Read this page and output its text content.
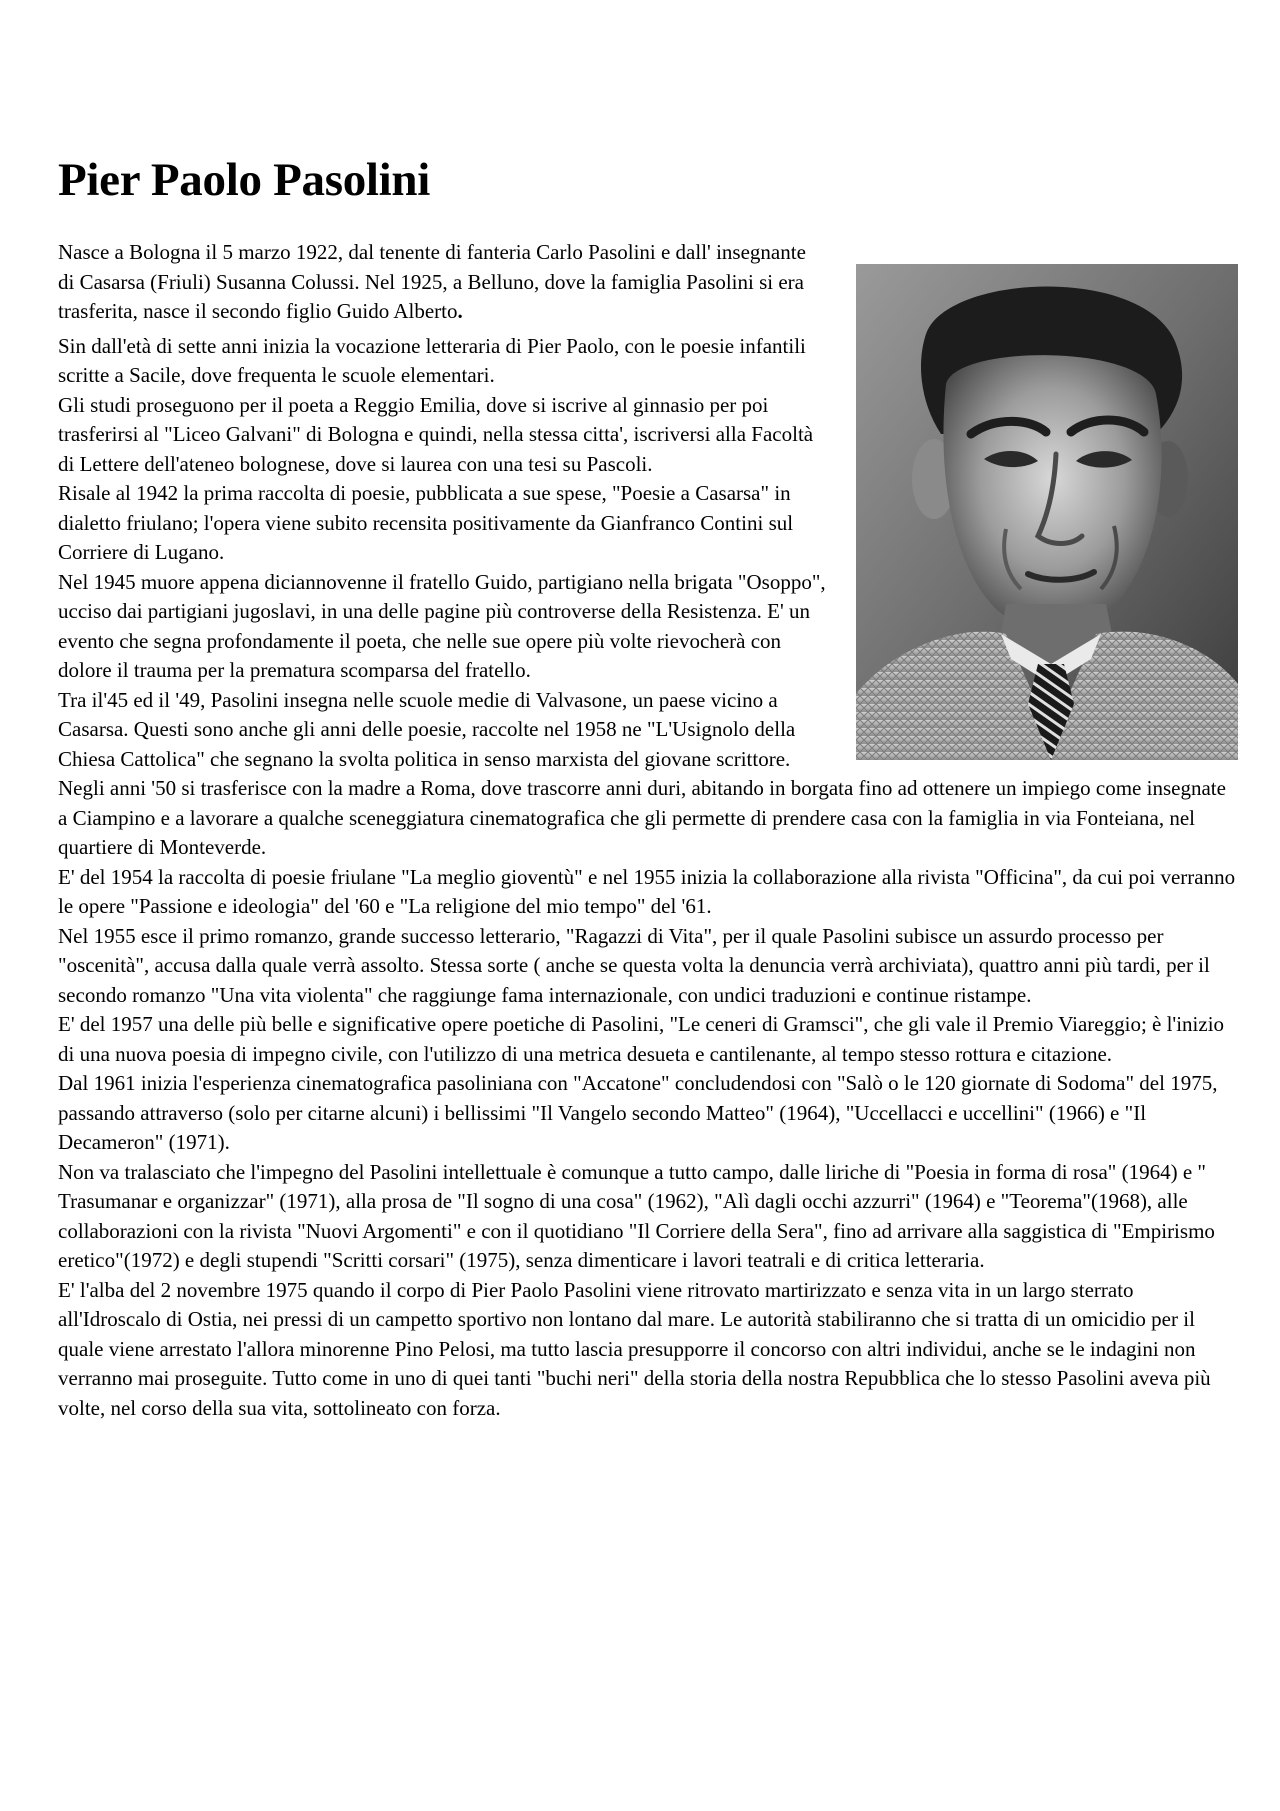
Pier Paolo Pasolini

Nasce a Bologna il 5 marzo 1922, dal tenente di fanteria Carlo Pasolini e dall' insegnante di Casarsa (Friuli) Susanna Colussi. Nel 1925, a Belluno, dove la famiglia Pasolini si era trasferita, nasce il secondo figlio Guido Alberto.

Sin dall'età di sette anni inizia la vocazione letteraria di Pier Paolo, con le poesie infantili scritte a Sacile, dove frequenta le scuole elementari.

Gli studi proseguono per il poeta a Reggio Emilia, dove si iscrive al ginnasio per poi trasferirsi al "Liceo Galvani" di Bologna e quindi, nella stessa citta', iscriversi alla Facoltà di Lettere dell'ateneo bolognese, dove si laurea con una tesi su Pascoli.

Risale al 1942 la prima raccolta di poesie, pubblicata a sue spese, "Poesie a Casarsa" in dialetto friulano; l'opera viene subito recensita positivamente da Gianfranco Contini sul Corriere di Lugano.

Nel 1945 muore appena diciannovenne il fratello Guido, partigiano nella brigata "Osoppo", ucciso dai partigiani jugoslavi, in una delle pagine più controverse della Resistenza. E' un evento che segna profondamente il poeta, che nelle sue opere più volte rievocherà con dolore il trauma per la prematura scomparsa del fratello.

Tra il'45 ed il '49, Pasolini insegna nelle scuole medie di Valvasone, un paese vicino a Casarsa. Questi sono anche gli anni delle poesie, raccolte nel 1958 ne "L'Usignolo della Chiesa Cattolica" che segnano la svolta politica in senso marxista del giovane scrittore.

Negli anni '50 si trasferisce con la madre a Roma, dove trascorre anni duri, abitando in borgata fino ad ottenere un impiego come insegnate a Ciampino e a lavorare a qualche sceneggiatura cinematografica che gli permette di prendere casa con la famiglia in via Fonteiana, nel quartiere di Monteverde.

E' del 1954 la raccolta di poesie friulane "La meglio gioventù" e nel 1955 inizia la collaborazione alla rivista "Officina", da cui poi verranno le opere "Passione e ideologia" del '60 e "La religione del mio tempo" del '61.

Nel 1955 esce il primo romanzo, grande successo letterario, "Ragazzi di Vita", per il quale Pasolini subisce un assurdo processo per "oscenità", accusa dalla quale verrà assolto. Stessa sorte ( anche se questa volta la denuncia verrà archiviata), quattro anni più tardi, per il secondo romanzo "Una vita violenta" che raggiunge fama internazionale, con undici traduzioni e continue ristampe.

E' del 1957 una delle più belle e significative opere poetiche di Pasolini, "Le ceneri di Gramsci", che gli vale il Premio Viareggio; è l'inizio di una nuova poesia di impegno civile, con l'utilizzo di una metrica desueta e cantilenante, al tempo stesso rottura e citazione.

Dal 1961 inizia l'esperienza cinematografica pasoliniana con "Accatone" concludendosi con "Salò o le 120 giornate di Sodoma" del 1975, passando attraverso (solo per citarne alcuni) i bellissimi "Il Vangelo secondo Matteo" (1964), "Uccellacci e uccellini" (1966) e "Il Decameron" (1971).

Non va tralasciato che l'impegno del Pasolini intellettuale è comunque a tutto campo, dalle liriche di "Poesia in forma di rosa" (1964) e " Trasumanar e organizzar" (1971), alla prosa de "Il sogno di una cosa" (1962), "Alì dagli occhi azzurri" (1964) e "Teorema"(1968), alle collaborazioni con la rivista "Nuovi Argomenti" e con il quotidiano "Il Corriere della Sera", fino ad arrivare alla saggistica di "Empirismo eretico"(1972) e degli stupendi "Scritti corsari" (1975), senza dimenticare i lavori teatrali e di critica letteraria.

E' l'alba del 2 novembre 1975 quando il corpo di Pier Paolo Pasolini viene ritrovato martirizzato e senza vita in un largo sterrato all'Idroscalo di Ostia, nei pressi di un campetto sportivo non lontano dal mare. Le autorità stabiliranno che si tratta di un omicidio per il quale viene arrestato l'allora minorenne Pino Pelosi, ma tutto lascia presupporre il concorso con altri individui, anche se le indagini non verranno mai proseguite. Tutto come in uno di quei tanti "buchi neri" della storia della nostra Repubblica che lo stesso Pasolini aveva più volte, nel corso della sua vita, sottolineato con forza.
